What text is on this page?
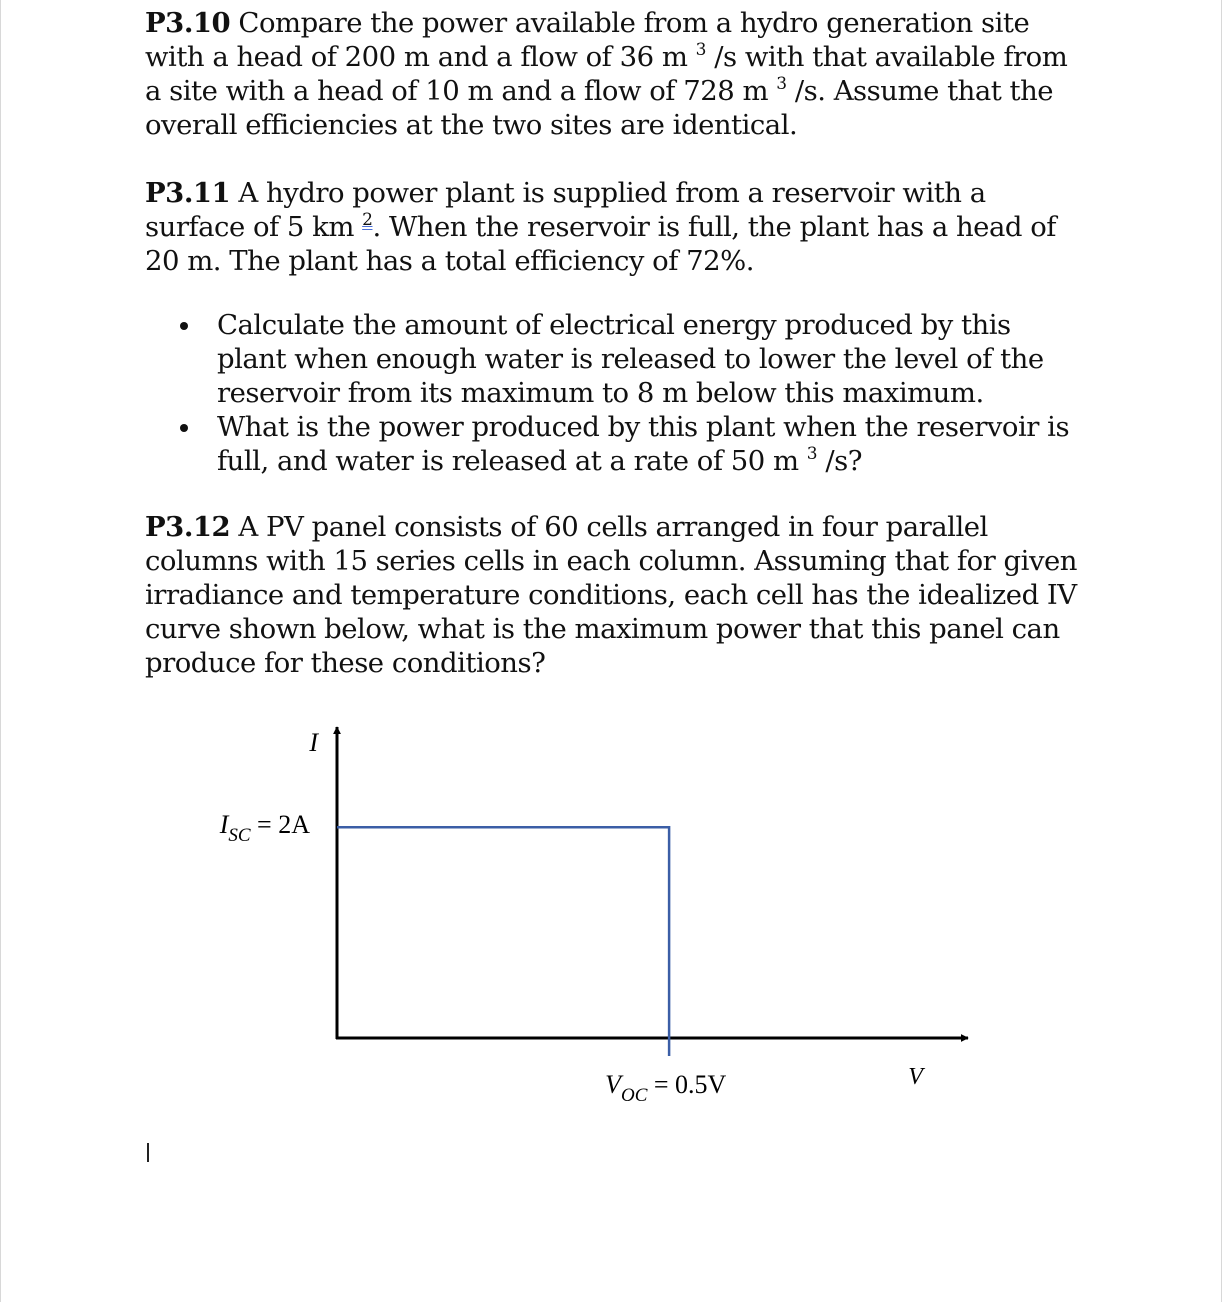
P3.10 Compare the power available from a hydro generation site with a head of 200 m and a flow of 36 m $^3$ /s with that available from a site with a head of 10 m and a flow of 728 m $^3$ /s. Assume that the overall efficiencies at the two sites are identical.

P3.11 A hydro power plant is supplied from a reservoir with a surface of 5 km $^2$. When the reservoir is full, the plant has a head of 20 m. The plant has a total efficiency of 72%.

Calculate the amount of electrical energy produced by this plant when enough water is released to lower the level of the reservoir from its maximum to 8 m below this maximum.
What is the power produced by this plant when the reservoir is full, and water is released at a rate of 50 m $^3$ /s?

P3.12 A PV panel consists of 60 cells arranged in four parallel columns with 15 series cells in each column. Assuming that for given irradiance and temperature conditions, each cell has the idealized IV curve shown below, what is the maximum power that this panel can produce for these conditions?

I
V
$I_{SC} = 2A$
$V_{OC} = 0.5V$
